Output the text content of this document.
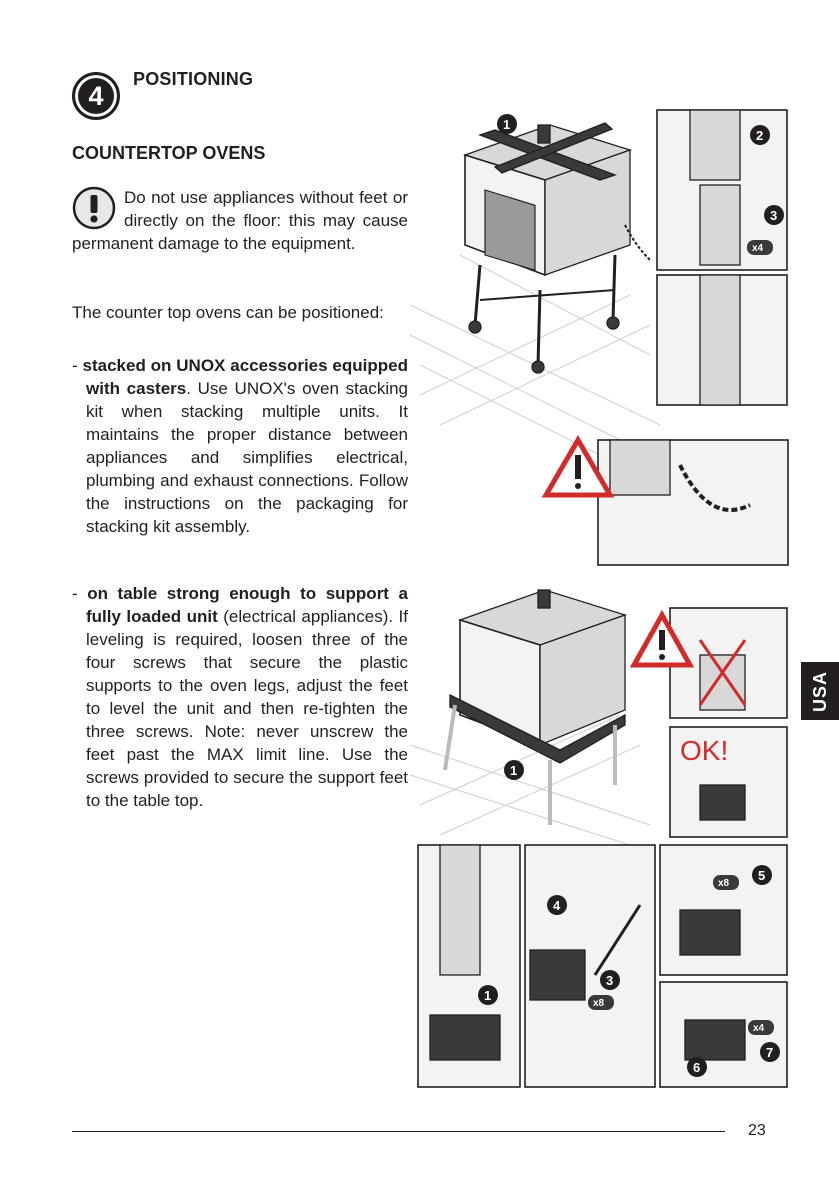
4
POSITIONING
COUNTERTOP OVENS

Do not use appliances without feet or directly on the floor: this may cause permanent damage to the equipment.

The counter top ovens can be positioned:

- stacked on UNOX accessories equipped with casters. Use UNOX's oven stacking kit when stacking multiple units. It maintains the proper distance between appliances and simplifies electrical, plumbing and exhaust connections. Follow the instructions on the packaging for stacking kit assembly.

- on table strong enough to support a fully loaded unit (electrical appliances). If leveling is required, loosen three of the four screws that secure the plastic supports to the oven legs, adjust the feet to level the unit and then re-tighten the three screws. Note: never unscrew the feet past the MAX limit line. Use the screws provided to secure the support feet to the table top.

1
2
3
x4
1
OK!
1
4
3
x8
5
x8
6
7
x4
USA
23
